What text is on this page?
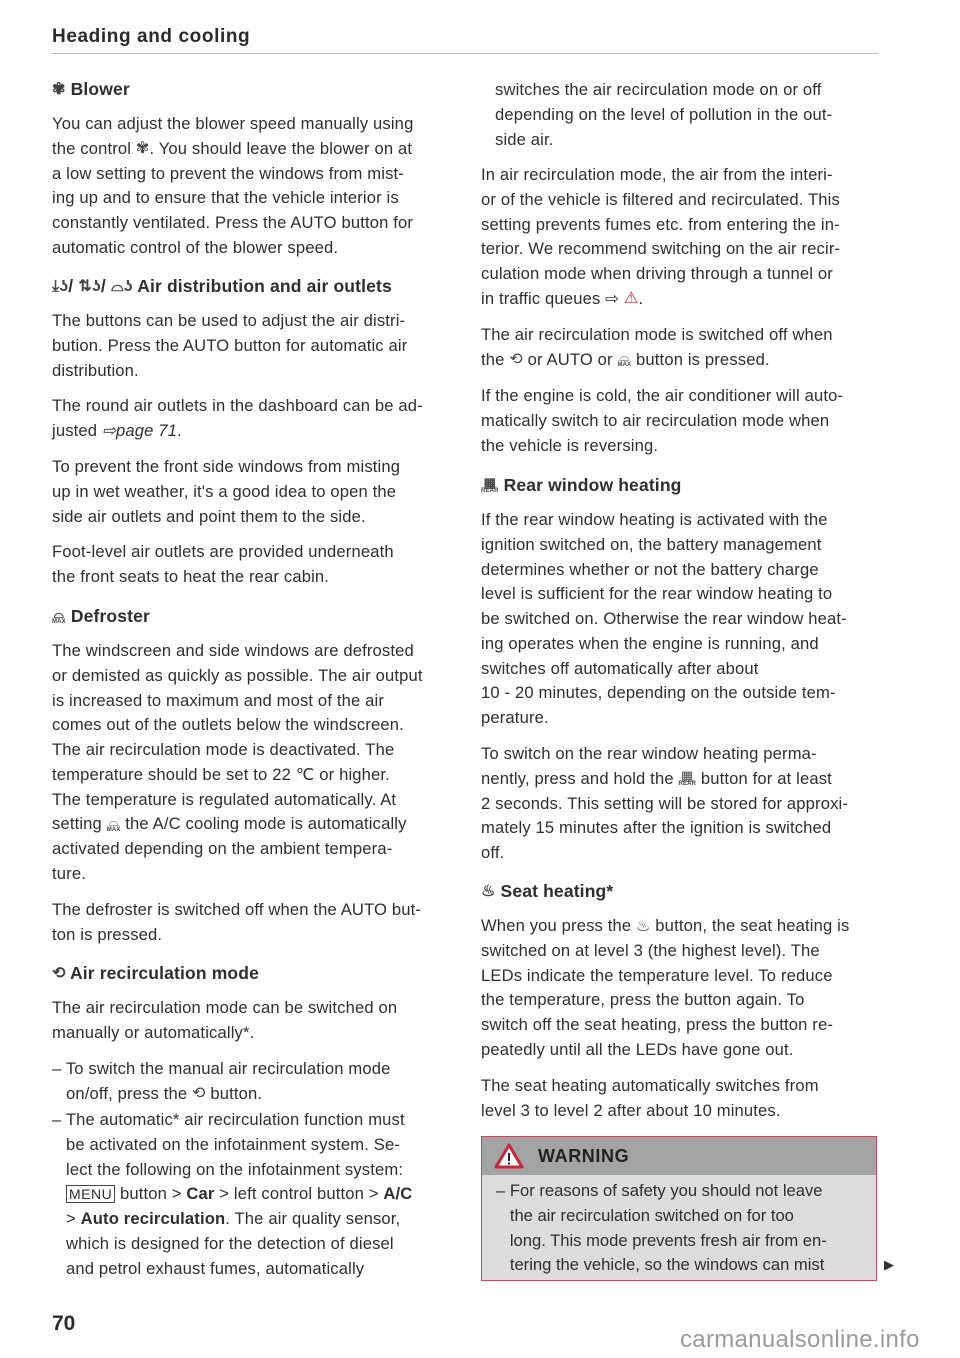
Heading and cooling
✾ Blower
You can adjust the blower speed manually using
the control ✾. You should leave the blower on at
a low setting to prevent the windows from mist-
ing up and to ensure that the vehicle interior is
constantly ventilated. Press the AUTO button for
automatic control of the blower speed.
⤓ʖ/ ⇅ʖ/ ⌓ʖ Air distribution and air outlets
The buttons can be used to adjust the air distri-
bution. Press the AUTO button for automatic air
distribution.
The round air outlets in the dashboard can be ad-
justed ⇨page 71.
To prevent the front side windows from misting
up in wet weather, it's a good idea to open the
side air outlets and point them to the side.
Foot-level air outlets are provided underneath
the front seats to heat the rear cabin.
⌓
MAX Defroster
The windscreen and side windows are defrosted
or demisted as quickly as possible. The air output
is increased to maximum and most of the air
comes out of the outlets below the windscreen.
The air recirculation mode is deactivated. The
temperature should be set to 22 ℃ or higher.
The temperature is regulated automatically. At
setting ⌓
MAX the A/C cooling mode is automatically
activated depending on the ambient tempera-
ture.
The defroster is switched off when the AUTO but-
ton is pressed.
⟲ Air recirculation mode
The air recirculation mode can be switched on
manually or automatically*.
– To switch the manual air recirculation mode
on/off, press the ⟲ button.
– The automatic* air recirculation function must
be activated on the infotainment system. Se-
lect the following on the infotainment system:
MENU button > Car > left control button > A/C
> Auto recirculation. The air quality sensor,
which is designed for the detection of diesel
and petrol exhaust fumes, automatically
switches the air recirculation mode on or off
depending on the level of pollution in the out-
side air.
In air recirculation mode, the air from the interi-
or of the vehicle is filtered and recirculated. This
setting prevents fumes etc. from entering the in-
terior. We recommend switching on the air recir-
culation mode when driving through a tunnel or
in traffic queues ⇨ ⚠.
The air recirculation mode is switched off when
the ⟲ or AUTO or ⌓
MAX button is pressed.
If the engine is cold, the air conditioner will auto-
matically switch to air recirculation mode when
the vehicle is reversing.
▦
REAR Rear window heating
If the rear window heating is activated with the
ignition switched on, the battery management
determines whether or not the battery charge
level is sufficient for the rear window heating to
be switched on. Otherwise the rear window heat-
ing operates when the engine is running, and
switches off automatically after about
10 - 20 minutes, depending on the outside tem-
perature.
To switch on the rear window heating perma-
nently, press and hold the ▦
REAR button for at least
2 seconds. This setting will be stored for approxi-
mately 15 minutes after the ignition is switched
off.
♨ Seat heating*
When you press the ♨ button, the seat heating is
switched on at level 3 (the highest level). The
LEDs indicate the temperature level. To reduce
the temperature, press the button again. To
switch off the seat heating, press the button re-
peatedly until all the LEDs have gone out.
The seat heating automatically switches from
level 3 to level 2 after about 10 minutes.
WARNING
– For reasons of safety you should not leave
the air recirculation switched on for too
long. This mode prevents fresh air from en-
tering the vehicle, so the windows can mist	▶
70
carmanualsonline.info
